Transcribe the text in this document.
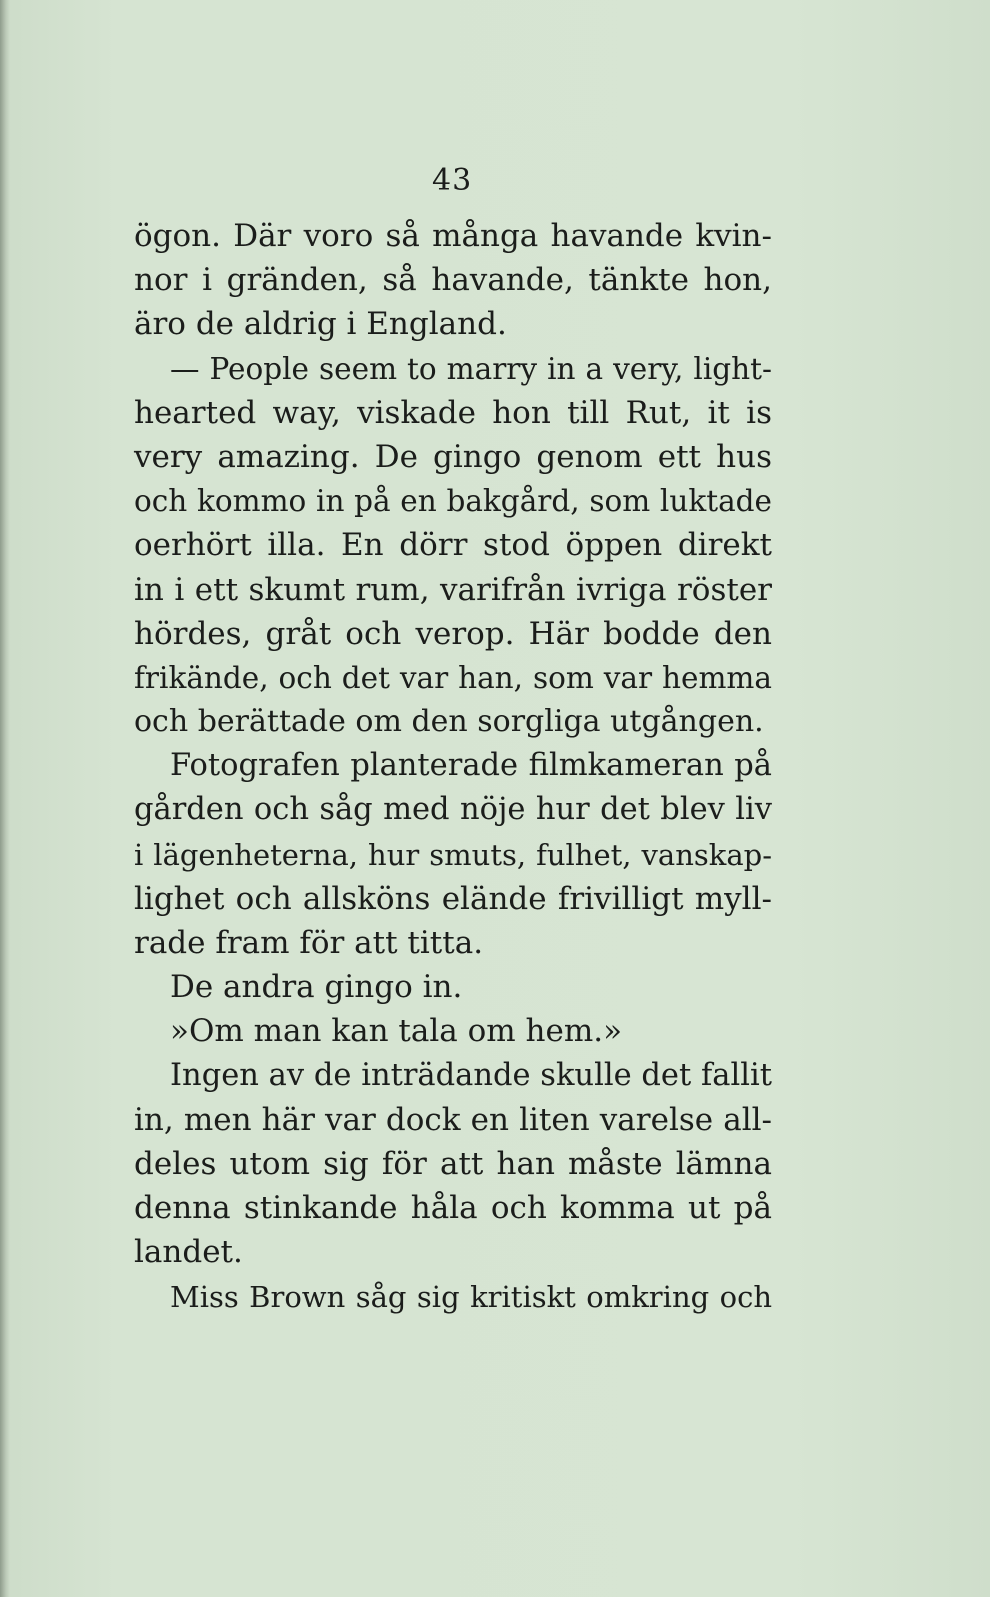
43
ögon. Där voro så många havande kvin-
nor i gränden, så havande, tänkte hon,
äro de aldrig i England.
— People seem to marry in a very, light-
hearted way, viskade hon till Rut, it is
very amazing. De gingo genom ett hus
och kommo in på en bakgård, som luktade
oerhört illa. En dörr stod öppen direkt
in i ett skumt rum, varifrån ivriga röster
hördes, gråt och verop. Här bodde den
frikände, och det var han, som var hemma
och berättade om den sorgliga utgången.
Fotografen planterade filmkameran på
gården och såg med nöje hur det blev liv
i lägenheterna, hur smuts, fulhet, vanskap-
lighet och allsköns elände frivilligt myll-
rade fram för att titta.
De andra gingo in.
»Om man kan tala om hem.»
Ingen av de inträdande skulle det fallit
in, men här var dock en liten varelse all-
deles utom sig för att han måste lämna
denna stinkande håla och komma ut på
landet.
Miss Brown såg sig kritiskt omkring och
